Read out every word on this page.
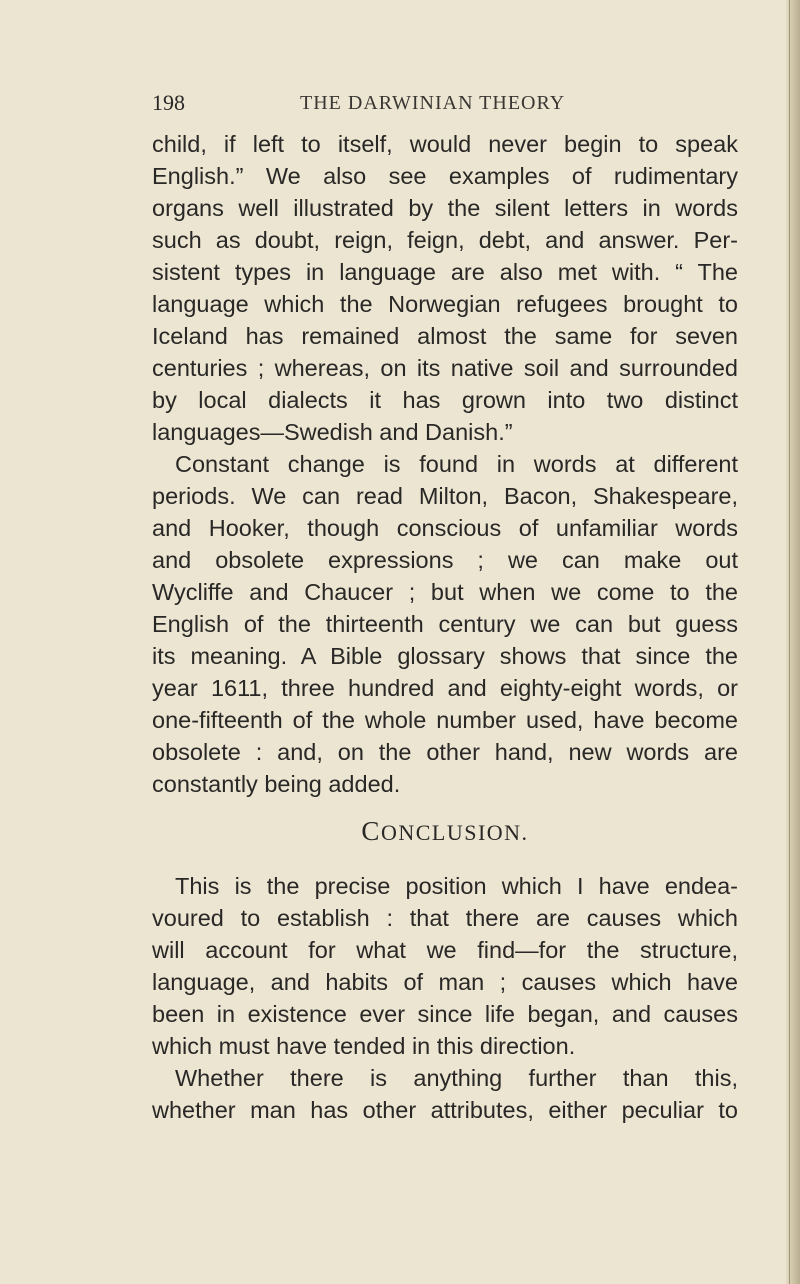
198	THE DARWINIAN THEORY
child, if left to itself, would never begin to speak
English.” We also see examples of rudimentary
organs well illustrated by the silent letters in words
such as doubt, reign, feign, debt, and answer. Per-
sistent types in language are also met with. “ The
language which the Norwegian refugees brought to
Iceland has remained almost the same for seven
centuries ; whereas, on its native soil and surrounded
by local dialects it has grown into two distinct
languages—Swedish and Danish.”
Constant change is found in words at different
periods. We can read Milton, Bacon, Shakespeare,
and Hooker, though conscious of unfamiliar words
and obsolete expressions ; we can make out
Wycliffe and Chaucer ; but when we come to the
English of the thirteenth century we can but guess
its meaning. A Bible glossary shows that since the
year 1611, three hundred and eighty-eight words, or
one-fifteenth of the whole number used, have become
obsolete : and, on the other hand, new words are
constantly being added.
CONCLUSION.
This is the precise position which I have endea-
voured to establish : that there are causes which
will account for what we find—for the structure,
language, and habits of man ; causes which have
been in existence ever since life began, and causes
which must have tended in this direction.
Whether there is anything further than this,
whether man has other attributes, either peculiar to
